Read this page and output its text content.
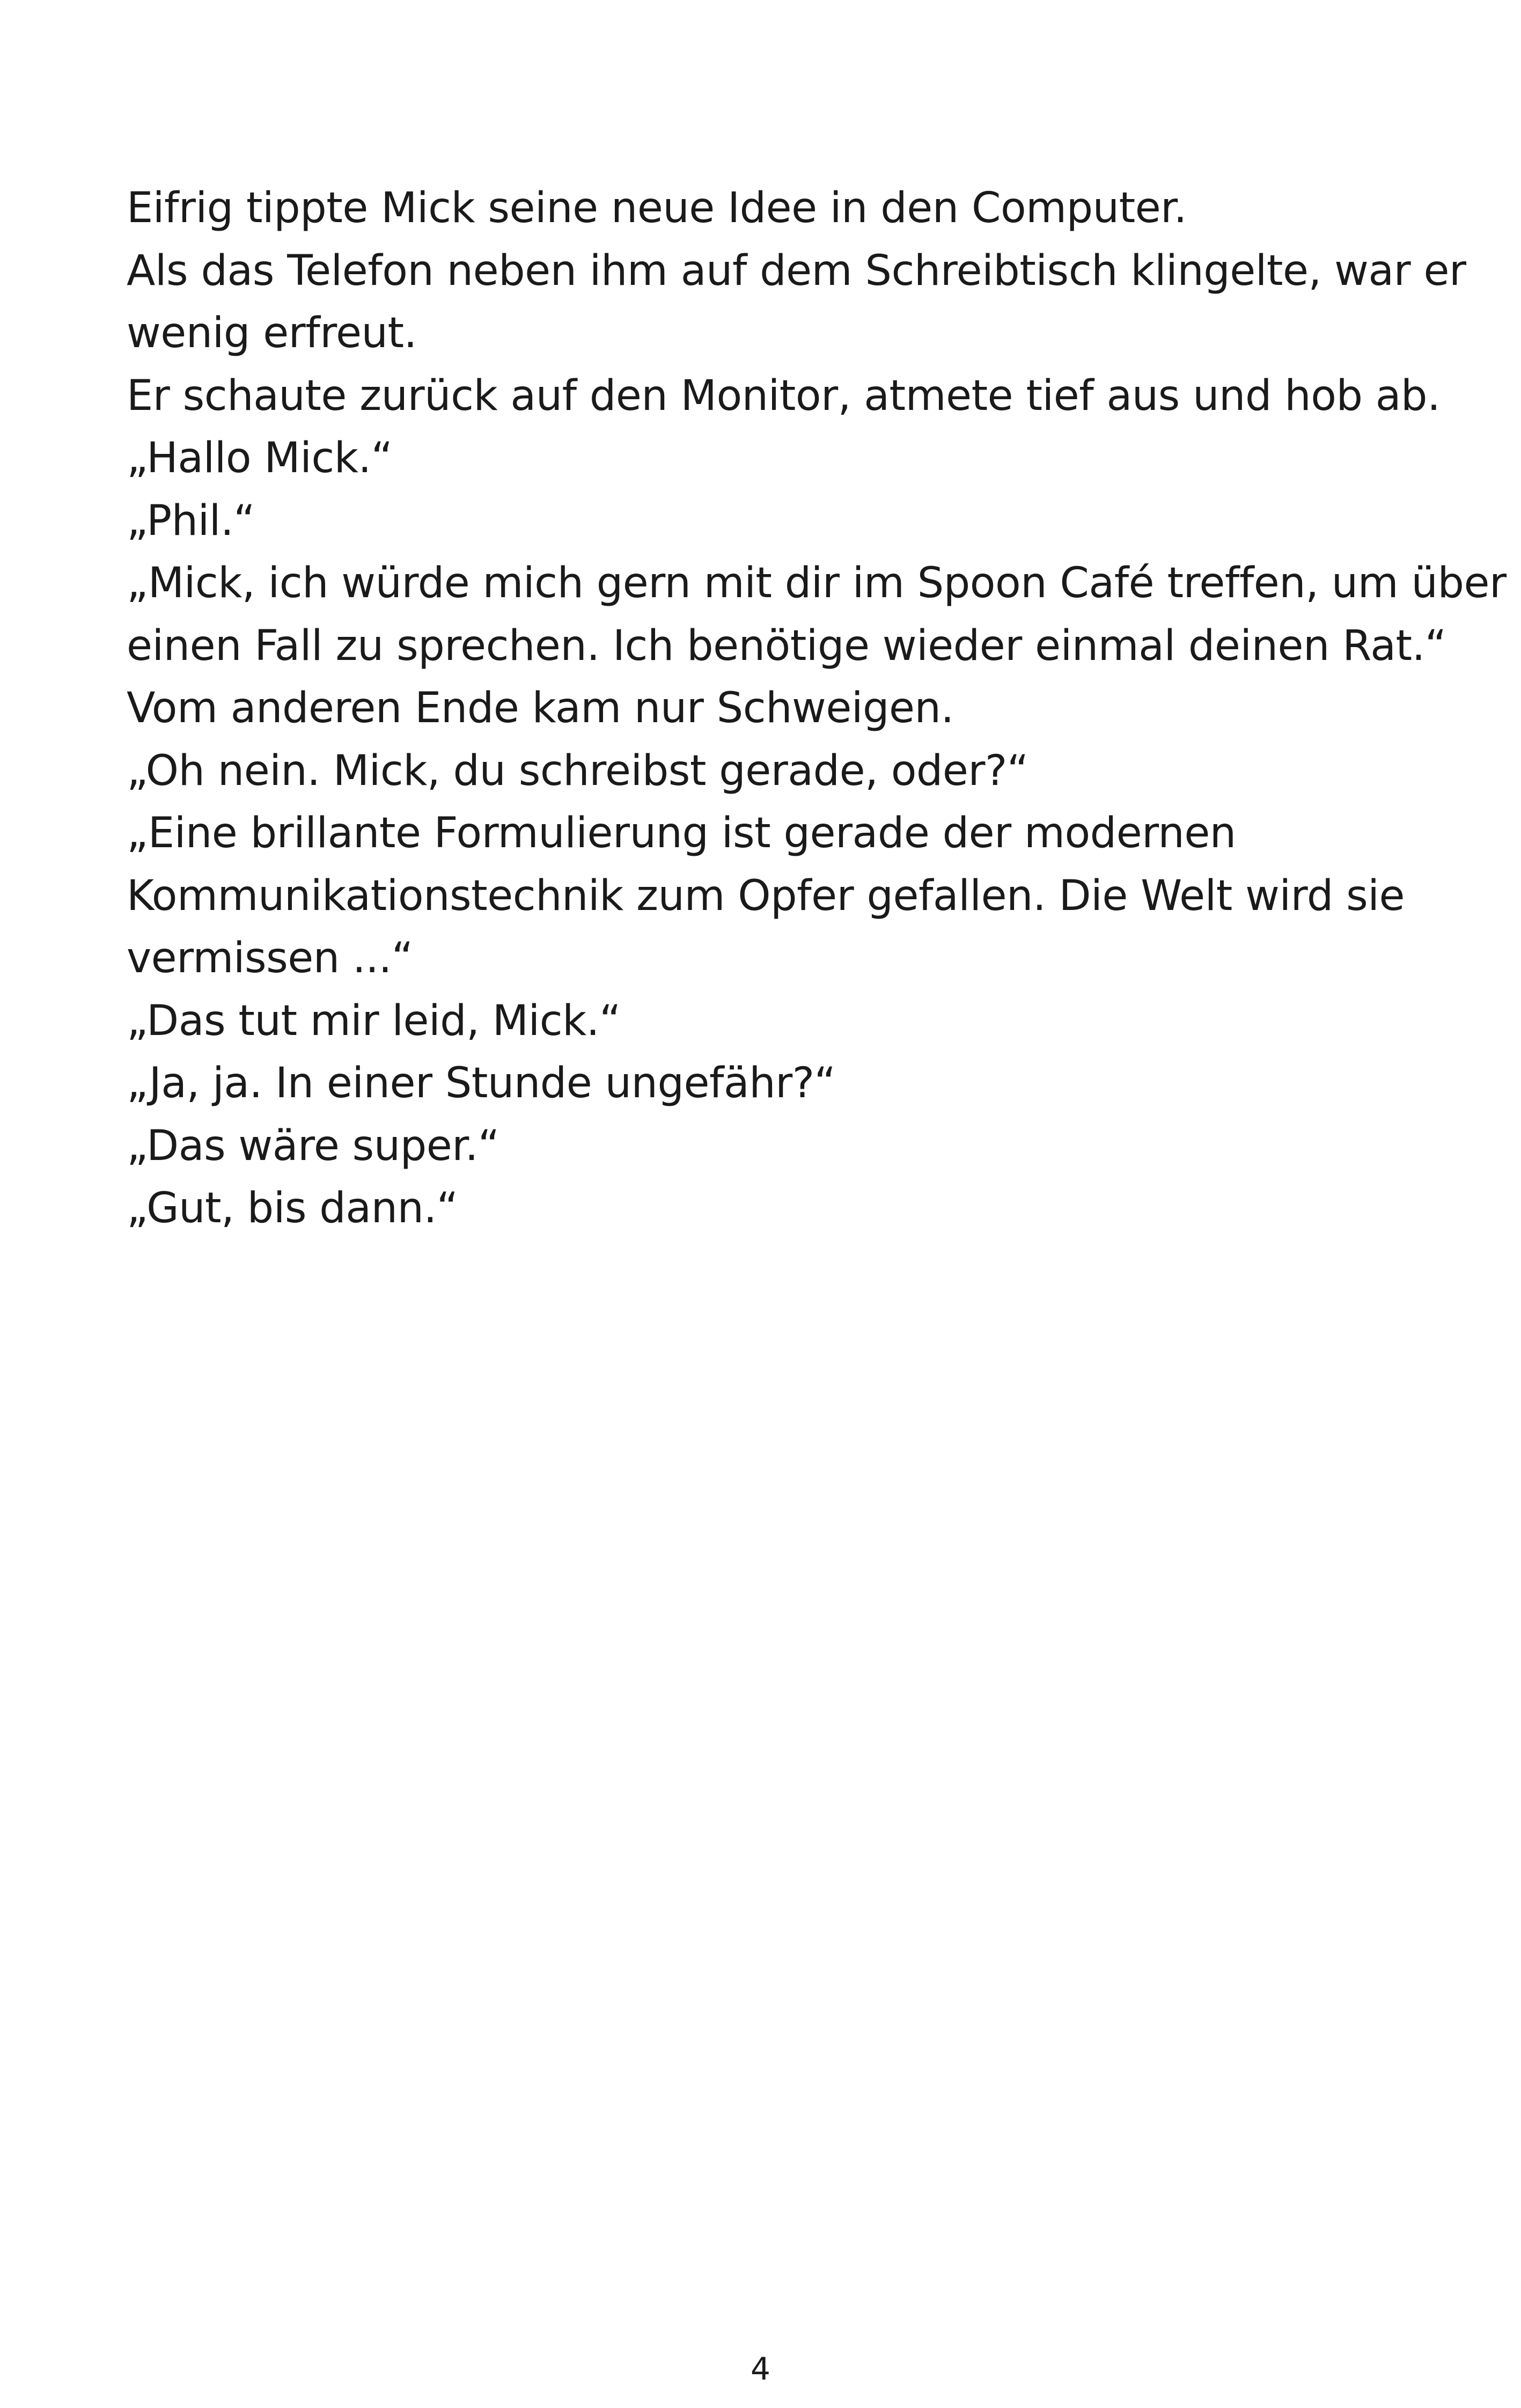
Eifrig tippte Mick seine neue Idee in den Computer.
Als das Telefon neben ihm auf dem Schreibtisch klingelte, war er
wenig erfreut.
Er schaute zurück auf den Monitor, atmete tief aus und hob ab.
„Hallo Mick.“
„Phil.“
„Mick, ich würde mich gern mit dir im Spoon Café treffen, um über
einen Fall zu sprechen. Ich benötige wieder einmal deinen Rat.“
Vom anderen Ende kam nur Schweigen.
„Oh nein. Mick, du schreibst gerade, oder?“
„Eine brillante Formulierung ist gerade der modernen
Kommunikationstechnik zum Opfer gefallen. Die Welt wird sie
vermissen ...“
„Das tut mir leid, Mick.“
„Ja, ja. In einer Stunde ungefähr?“
„Das wäre super.“
„Gut, bis dann.“
4
